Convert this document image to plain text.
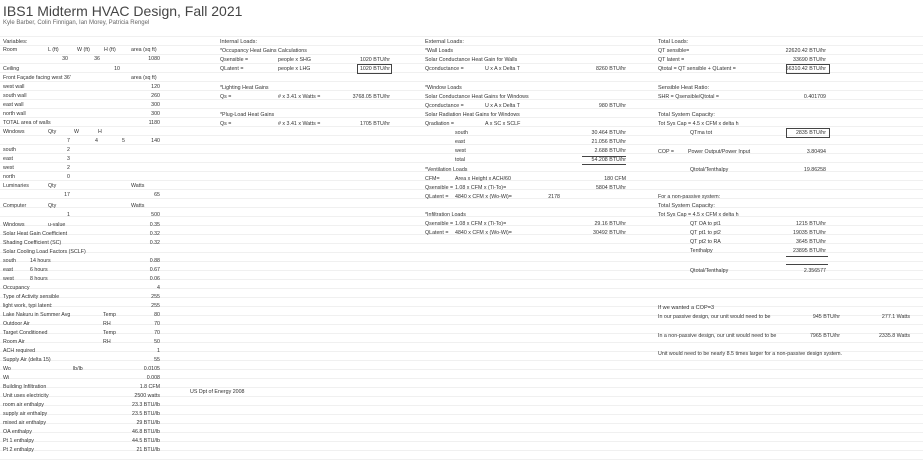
IBS1 Midterm HVAC Design, Fall 2021
Kyle Barber, Colin Finnigan, Ian Morey, Patricia Rengel
Variables:
Room	L (ft)	W (ft)	H (ft)	area (sq ft)
30	36	1080
Ceiling	10
Front Façade facing west 36'	area (sq ft)
west wall	120
south wall	260
east wall	300
north wall	300
TOTAL area of walls	1180
Windows	Qty	W	H
7	4	5	140
south	2
east	3
west	2
north	0
Luminaries	Qty	Watts
17	65
Computer	Qty	Watts
1	500
Windows	u-value	0.35
Solar Heat Gain Coefficient	0.32
Shading Coefficient (SC)	0.32
Solar Cooling Load Factors (SCLF)
south	14 hours	0.88
east	6 hours	0.67
west	8 hours	0.06
Occupancy	4
Type of Activity sensible	255
light work, typi latent:	255
Lake Nakuru in Summer Avg	Temp	80
Outdoor Air	RH	70
Target Conditioned	Temp	70
Room Air	RH	50
ACH required	1
Supply Air (delta 15)	55
Wo	lb/lb	0.0105
Wi	0.008
Building Infiltration	1.8 CFM
Unit uses electricity	2500 watts
room air enthalpy	23.3 BTU/lb
supply air enthalpy	23.5 BTU/lb
mixed air enthalpy	29 BTU/lb
OA enthalpy	46.8 BTU/lb
Pt 1 enthalpy	44.5 BTU/lb
Pt 2 enthalpy	21 BTU/lb
US Dpt of Energy 2008
Internal Loads:
*Occupancy Heat Gains Calculations
Qsensible =	people x SHG	1020 BTU/hr
QLatent =	people x LHG	1020 BTU/hr
*Lighting Heat Gains
Qs =	# x 3.41 x Watts =	3768.05 BTU/hr
*Plug-Load Heat Gains
Qs =	# x 3.41 x Watts =	1705 BTU/hr
External Loads:
*Wall Loads
Solar Conductance Heat Gain for Walls
Qconductance =	U x A x Delta T	8260 BTU/hr
*Window Loads
Solar Conductance Heat Gains for Windows
Qconductance =	U x A x Delta T	980 BTU/hr
Solar Radiation Heat Gains for Windows
Qradiation =	A x SC x SCLF
south	30.464 BTU/hr
east	21.056 BTU/hr
west	2.688 BTU/hr
total	54.208 BTU/hr
*Ventilation Loads
CFM=	Area x Height x ACH/60	180 CFM
Qsensible = 1.08 x CFM x (Ti-To)=	5804 BTU/hr
QLatent = 4840 x CFM x (Wo-Wi)=	2178
*Infiltration Loads
Qsensible = 1.08 x CFM x (Ti-To)=	29.16 BTU/hr
QLatent = 4840 x CFM x (Wo-Wi)=	30492 BTU/hr
Total Loads:
QT sensible=	22620.42 BTU/hr
QT latent =	33690 BTU/hr
Qtotal = QT sensible + QLatent =	56310.42 BTU/hr
Sensible Heat Ratio:
SHR = Qsensible/Qtotal =	0.401709
Total System Capacity:
Tot Sys Cap = 4.5 x CFM x delta h
QTma tot	2835 BTU/hr
COP =	Power Output/Power Input	3.80494
Qtotal/Tenthalpy	19.86258
For a non-passive system:
Total System Capacity:
Tot Sys Cap = 4.5 x CFM x delta h
QT OA to pt1	1215 BTU/hr
QT pt1 to pt2	19035 BTU/hr
QT pt2 to RA	3645 BTU/hr
Tenthalpy	23895 BTU/hr
Qtotal/Tenthalpy	2.356577
If we wanted a COP=3
In our passive design, our unit would need to be	945 BTU/hr	277.1 Watts
In a non-passive design, our unit would need to be	7965 BTU/hr	2335.8 Watts
Unit would need to be nearly 8.5 times larger for a non-passive design system.
